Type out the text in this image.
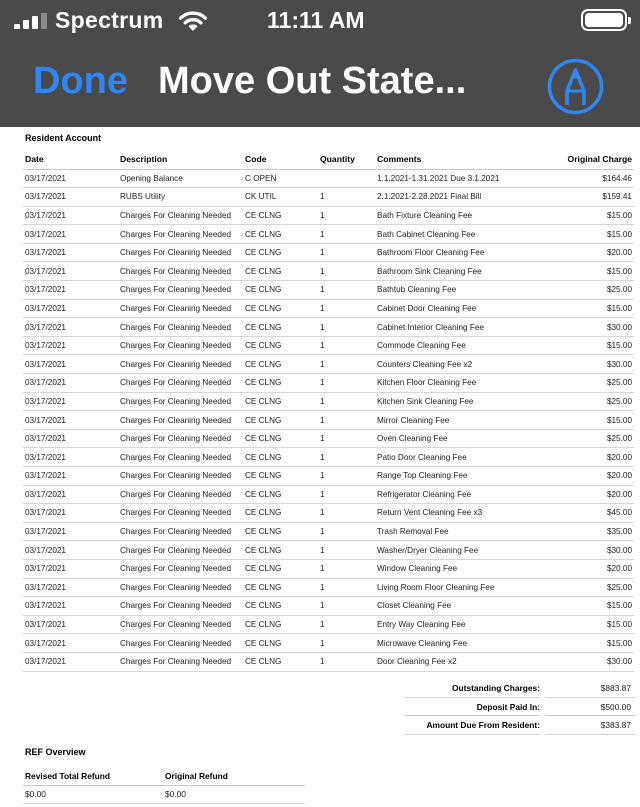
Spectrum	11:11 AM
Done Move Out State...
Resident Account
Date	Description	Code	Quantity	Comments	Original Charge
03/17/2021	Opening Balance	C OPEN		1.1.2021-1.31.2021 Due 3.1.2021	$164.46
03/17/2021	RUBS Utility	CK UTIL	1	2.1.2021-2.28.2021 Final Bill	$159.41
03/17/2021	Charges For Cleaning Needed	CE CLNG	1	Bath Fixture Cleaning Fee	$15.00
03/17/2021	Charges For Cleaning Needed	CE CLNG	1	Bath Cabinet Cleaning Fee	$15.00
03/17/2021	Charges For Cleaning Needed	CE CLNG	1	Bathroom Floor Cleaning Fee	$20.00
03/17/2021	Charges For Cleaning Needed	CE CLNG	1	Bathroom Sink Cleaning Fee	$15.00
03/17/2021	Charges For Cleaning Needed	CE CLNG	1	Bathtub Cleaning Fee	$25.00
03/17/2021	Charges For Cleaning Needed	CE CLNG	1	Cabinet Door Cleaning Fee	$15.00
03/17/2021	Charges For Cleaning Needed	CE CLNG	1	Cabinet Interior Cleaning Fee	$30.00
03/17/2021	Charges For Cleaning Needed	CE CLNG	1	Commode Cleaning Fee	$15.00
03/17/2021	Charges For Cleaning Needed	CE CLNG	1	Counters Cleaning Fee x2	$30.00
03/17/2021	Charges For Cleaning Needed	CE CLNG	1	Kitchen Floor Cleaning Fee	$25.00
03/17/2021	Charges For Cleaning Needed	CE CLNG	1	Kitchen Sink Cleaning Fee	$25.00
03/17/2021	Charges For Cleaning Needed	CE CLNG	1	Mirror Cleaning Fee	$15.00
03/17/2021	Charges For Cleaning Needed	CE CLNG	1	Oven Cleaning Fee	$25.00
03/17/2021	Charges For Cleaning Needed	CE CLNG	1	Patio Door Cleaning Fee	$20.00
03/17/2021	Charges For Cleaning Needed	CE CLNG	1	Range Top Cleaning Fee	$20.00
03/17/2021	Charges For Cleaning Needed	CE CLNG	1	Refrigerator Cleaning Fee	$20.00
03/17/2021	Charges For Cleaning Needed	CE CLNG	1	Return Vent Cleaning Fee x3	$45.00
03/17/2021	Charges For Cleaning Needed	CE CLNG	1	Trash Removal Fee	$35.00
03/17/2021	Charges For Cleaning Needed	CE CLNG	1	Washer/Dryer Cleaning Fee	$30.00
03/17/2021	Charges For Cleaning Needed	CE CLNG	1	Window Cleaning Fee	$20.00
03/17/2021	Charges For Cleaning Needed	CE CLNG	1	Living Room Floor Cleaning Fee	$25.00
03/17/2021	Charges For Cleaning Needed	CE CLNG	1	Closet Cleaning Fee	$15.00
03/17/2021	Charges For Cleaning Needed	CE CLNG	1	Entry Way Cleaning Fee	$15.00
03/17/2021	Charges For Cleaning Needed	CE CLNG	1	Microwave Cleaning Fee	$15.00
03/17/2021	Charges For Cleaning Needed	CE CLNG	1	Door Cleaning Fee x2	$30.00
Outstanding Charges:	$883.87
Deposit Paid In:	$500.00
Amount Due From Resident:	$383.87
REF Overview
Revised Total Refund	Original Refund
$0.00	$0.00
